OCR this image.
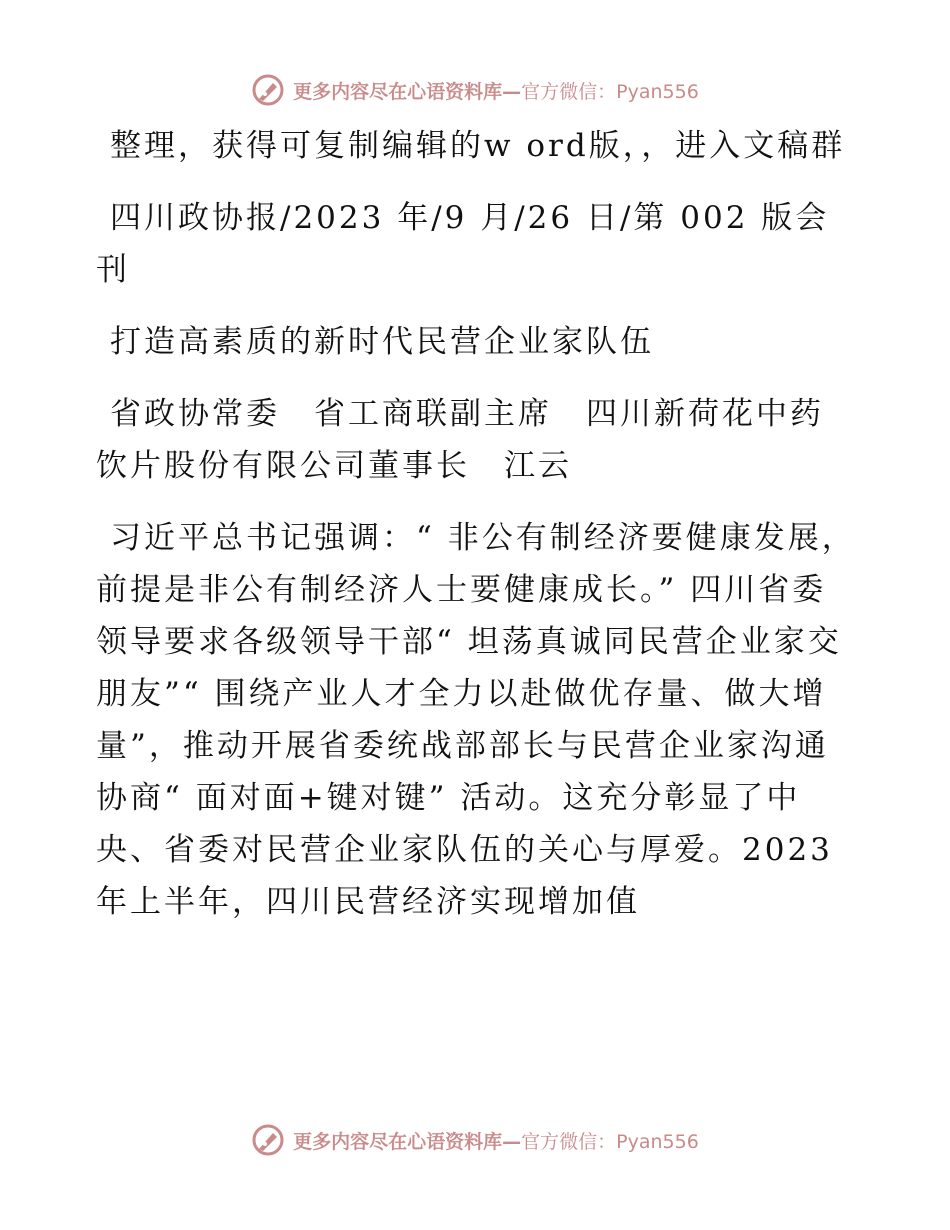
更多内容尽在心语资料库—官方微信：Pyan556

整理，获得可复制编辑的w ord版，，进入文稿群

四川政协报/2023 年/9 月/26 日/第 002 版会刊

打造高素质的新时代民营企业家队伍

省政协常委　省工商联副主席　四川新荷花中药饮片股份有限公司董事长　江云

习近平总书记强调：“ 非公有制经济要健康发展，前提是非公有制经济人士要健康成长。” 四川省委领导要求各级领导干部“ 坦荡真诚同民营企业家交朋友”“ 围绕产业人才全力以赴做优存量、做大增量”，推动开展省委统战部部长与民营企业家沟通协商“ 面对面+键对键” 活动。这充分彰显了中央、省委对民营企业家队伍的关心与厚爱。2023 年上半年，四川民营经济实现增加值

更多内容尽在心语资料库—官方微信：Pyan556
